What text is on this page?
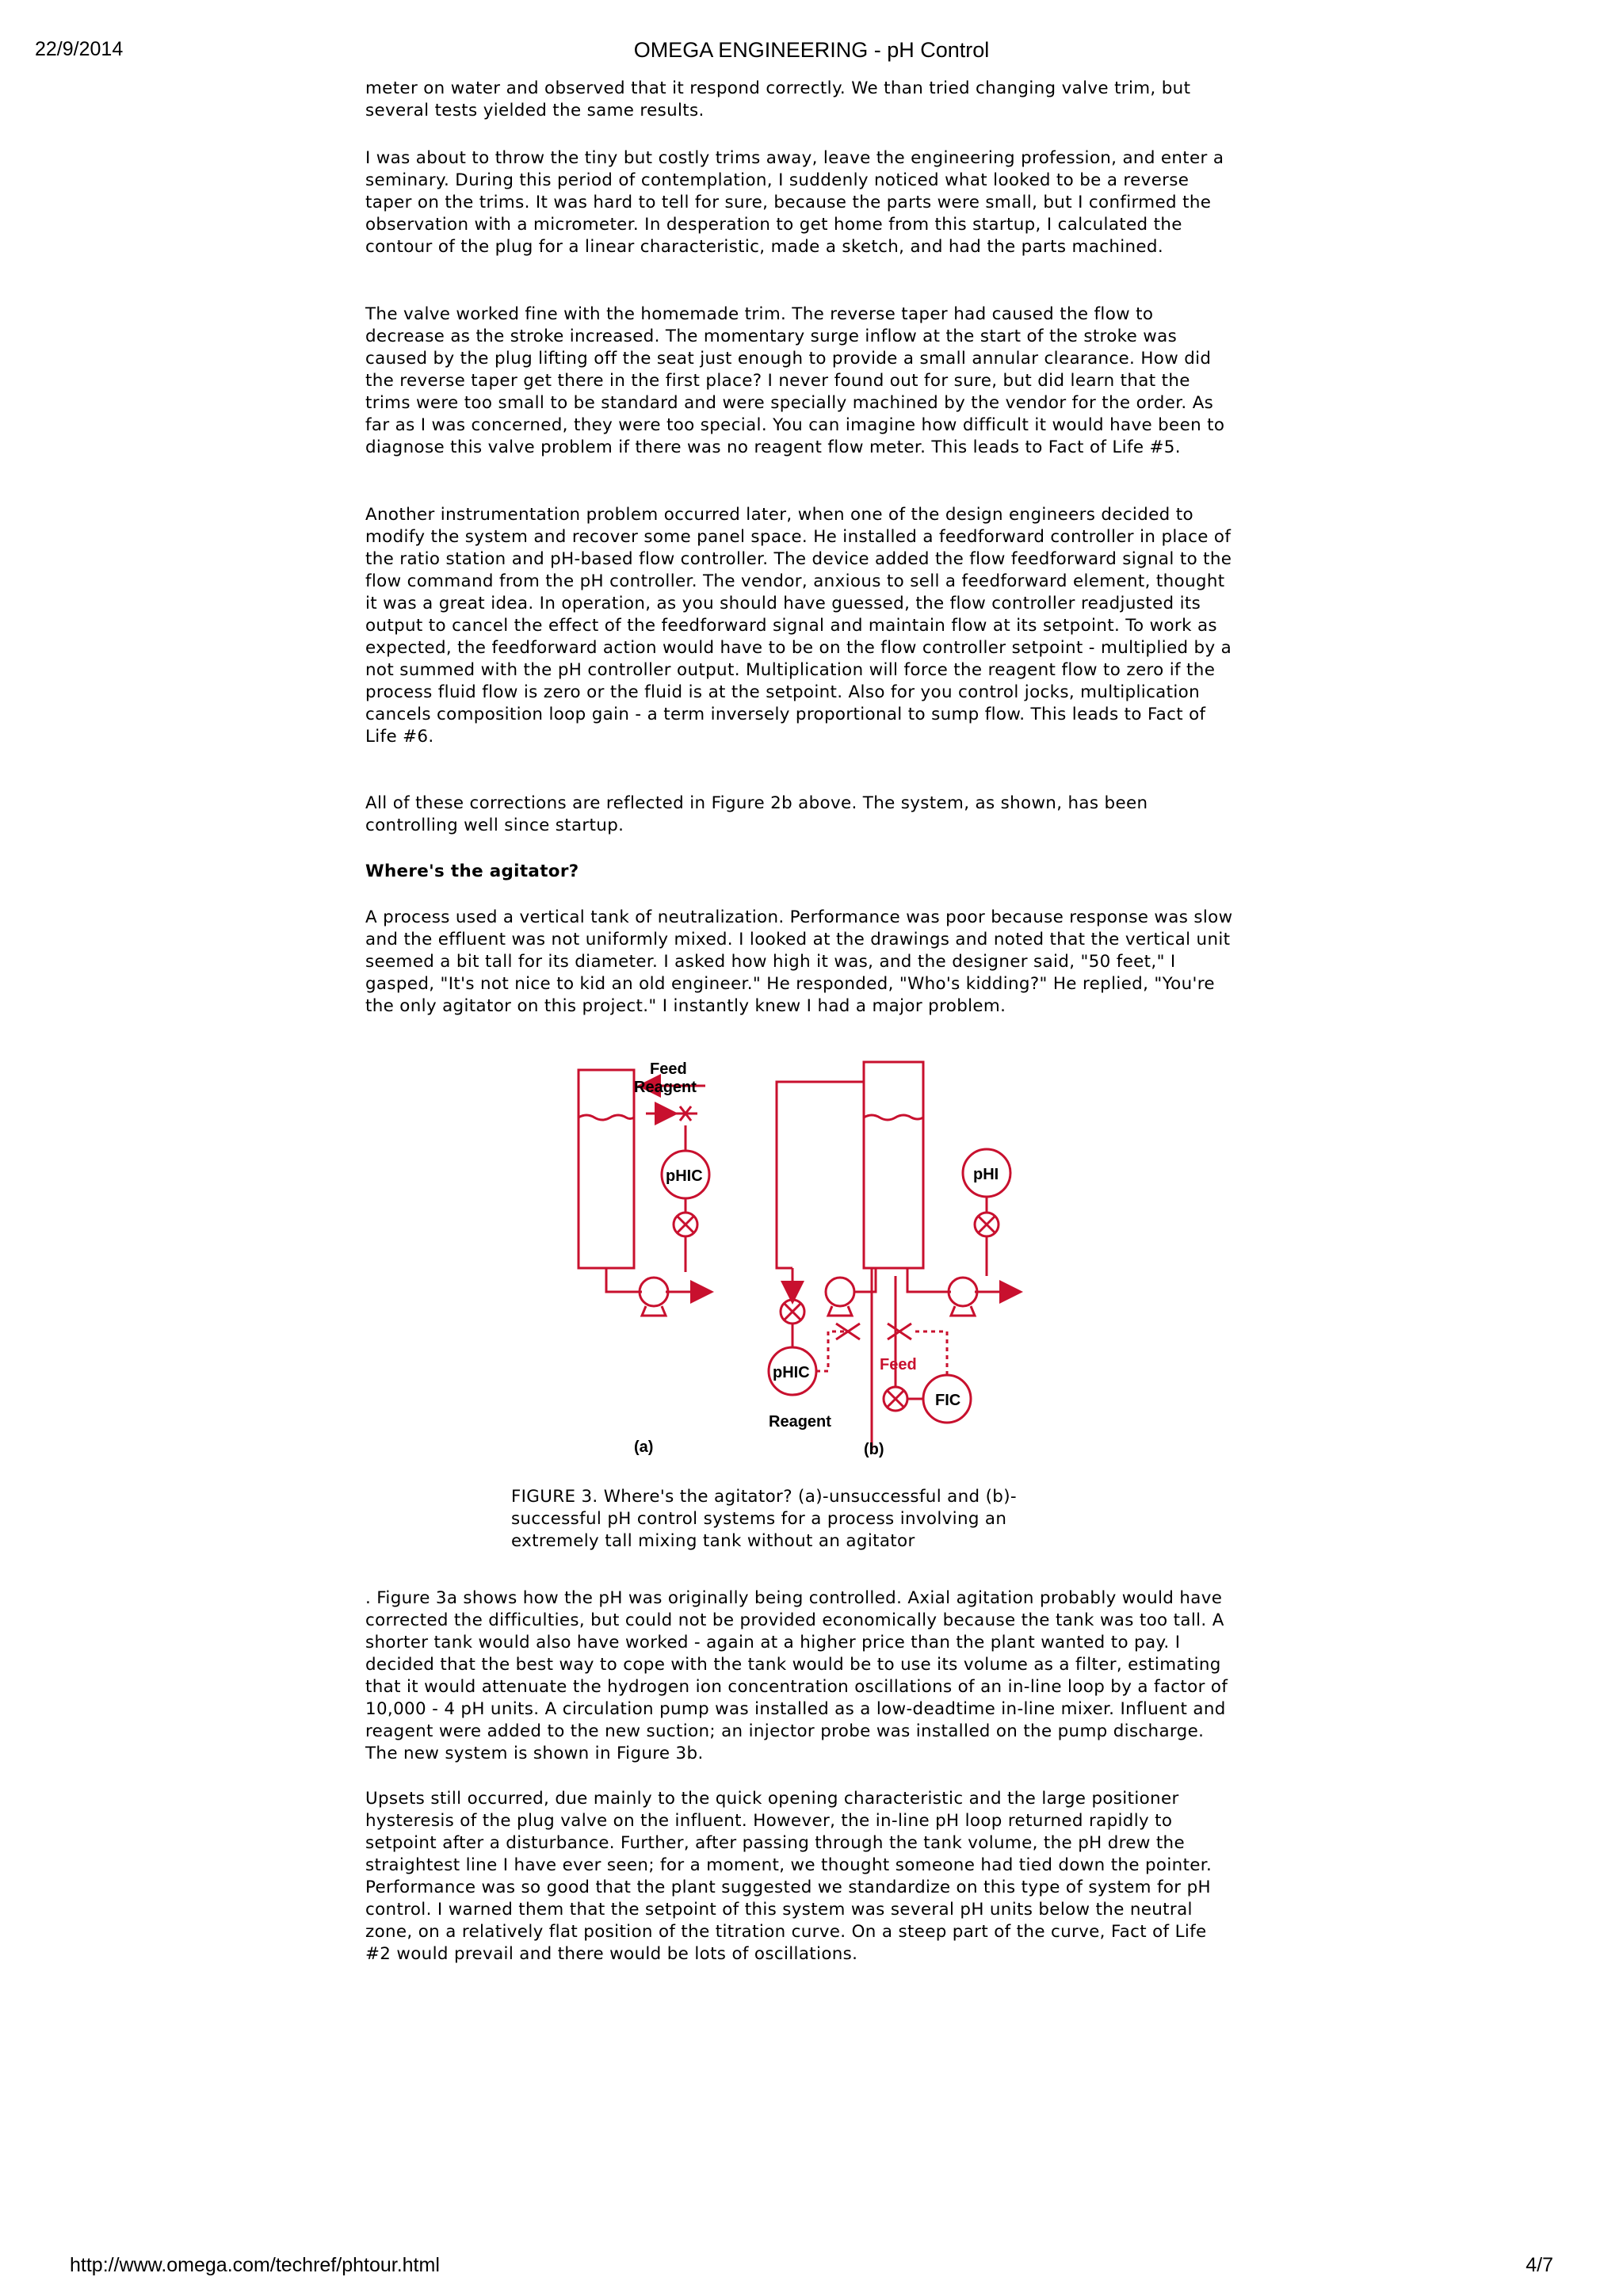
22/9/2014	OMEGA ENGINEERING - pH Control

meter on water and observed that it respond correctly. We than tried changing valve trim, but several tests yielded the same results.

I was about to throw the tiny but costly trims away, leave the engineering profession, and enter a seminary. During this period of contemplation, I suddenly noticed what looked to be a reverse taper on the trims. It was hard to tell for sure, because the parts were small, but I confirmed the observation with a micrometer. In desperation to get home from this startup, I calculated the contour of the plug for a linear characteristic, made a sketch, and had the parts machined.

The valve worked fine with the homemade trim. The reverse taper had caused the flow to decrease as the stroke increased. The momentary surge inflow at the start of the stroke was caused by the plug lifting off the seat just enough to provide a small annular clearance. How did the reverse taper get there in the first place? I never found out for sure, but did learn that the trims were too small to be standard and were specially machined by the vendor for the order. As far as I was concerned, they were too special. You can imagine how difficult it would have been to diagnose this valve problem if there was no reagent flow meter. This leads to Fact of Life #5.

Another instrumentation problem occurred later, when one of the design engineers decided to modify the system and recover some panel space. He installed a feedforward controller in place of the ratio station and pH-based flow controller. The device added the flow feedforward signal to the flow command from the pH controller. The vendor, anxious to sell a feedforward element, thought it was a great idea. In operation, as you should have guessed, the flow controller readjusted its output to cancel the effect of the feedforward signal and maintain flow at its setpoint. To work as expected, the feedforward action would have to be on the flow controller setpoint - multiplied by a not summed with the pH controller output. Multiplication will force the reagent flow to zero if the process fluid flow is zero or the fluid is at the setpoint. Also for you control jocks, multiplication cancels composition loop gain - a term inversely proportional to sump flow. This leads to Fact of Life #6.

All of these corrections are reflected in Figure 2b above. The system, as shown, has been controlling well since startup.

Where's the agitator?

A process used a vertical tank of neutralization. Performance was poor because response was slow and the effluent was not uniformly mixed. I looked at the drawings and noted that the vertical unit seemed a bit tall for its diameter. I asked how high it was, and the designer said, "50 feet," I gasped, "It's not nice to kid an old engineer." He responded, "Who's kidding?" He replied, "You're the only agitator on this project." I instantly knew I had a major problem.

Feed
Reagent
pHIC	pHI
pHIC	Feed
FIC
Reagent
(a)	(b)
FIGURE 3. Where's the agitator? (a)-unsuccessful and (b)-successful pH control systems for a process involving an extremely tall mixing tank without an agitator

. Figure 3a shows how the pH was originally being controlled. Axial agitation probably would have corrected the difficulties, but could not be provided economically because the tank was too tall. A shorter tank would also have worked - again at a higher price than the plant wanted to pay. I decided that the best way to cope with the tank would be to use its volume as a filter, estimating that it would attenuate the hydrogen ion concentration oscillations of an in-line loop by a factor of 10,000 - 4 pH units. A circulation pump was installed as a low-deadtime in-line mixer. Influent and reagent were added to the new suction; an injector probe was installed on the pump discharge. The new system is shown in Figure 3b.

Upsets still occurred, due mainly to the quick opening characteristic and the large positioner hysteresis of the plug valve on the influent. However, the in-line pH loop returned rapidly to setpoint after a disturbance. Further, after passing through the tank volume, the pH drew the straightest line I have ever seen; for a moment, we thought someone had tied down the pointer. Performance was so good that the plant suggested we standardize on this type of system for pH control. I warned them that the setpoint of this system was several pH units below the neutral zone, on a relatively flat position of the titration curve. On a steep part of the curve, Fact of Life #2 would prevail and there would be lots of oscillations.

http://www.omega.com/techref/phtour.html	4/7
